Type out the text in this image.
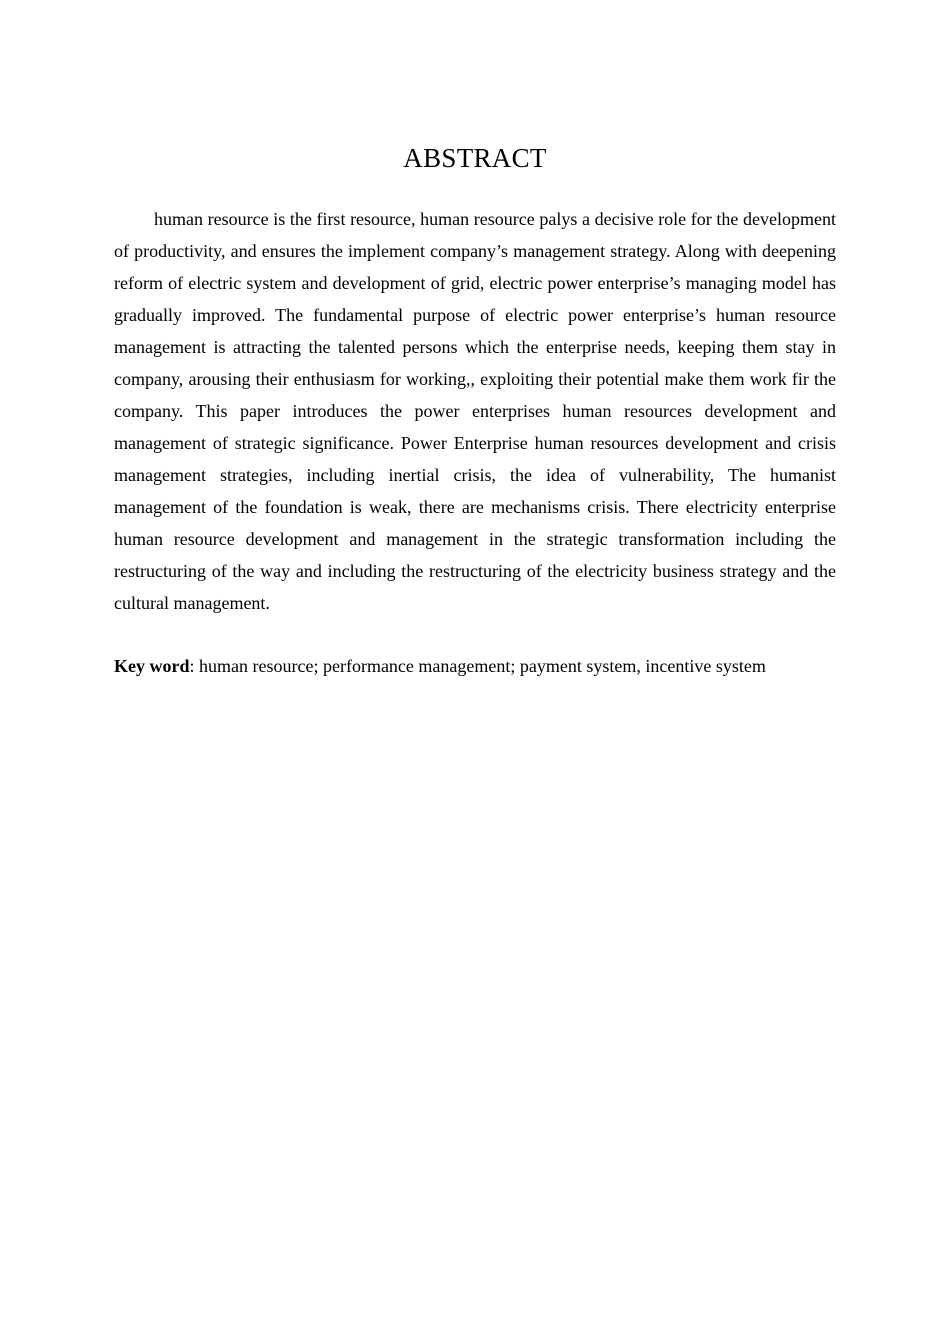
ABSTRACT

human resource is the first resource, human resource palys a decisive role for the development of productivity, and ensures the implement company’s management strategy. Along with deepening reform of electric system and development of grid, electric power enterprise’s managing model has gradually improved. The fundamental purpose of electric power enterprise’s human resource management is attracting the talented persons which the enterprise needs, keeping them stay in company, arousing their enthusiasm for working,, exploiting their potential make them work fir the company. This paper introduces the power enterprises human resources development and management of strategic significance. Power Enterprise human resources development and crisis management strategies, including inertial crisis, the idea of vulnerability, The humanist management of the foundation is weak, there are mechanisms crisis. There electricity enterprise human resource development and management in the strategic transformation including the restructuring of the way and including the restructuring of the electricity business strategy and the cultural management.

Key word: human resource; performance management; payment system, incentive system
